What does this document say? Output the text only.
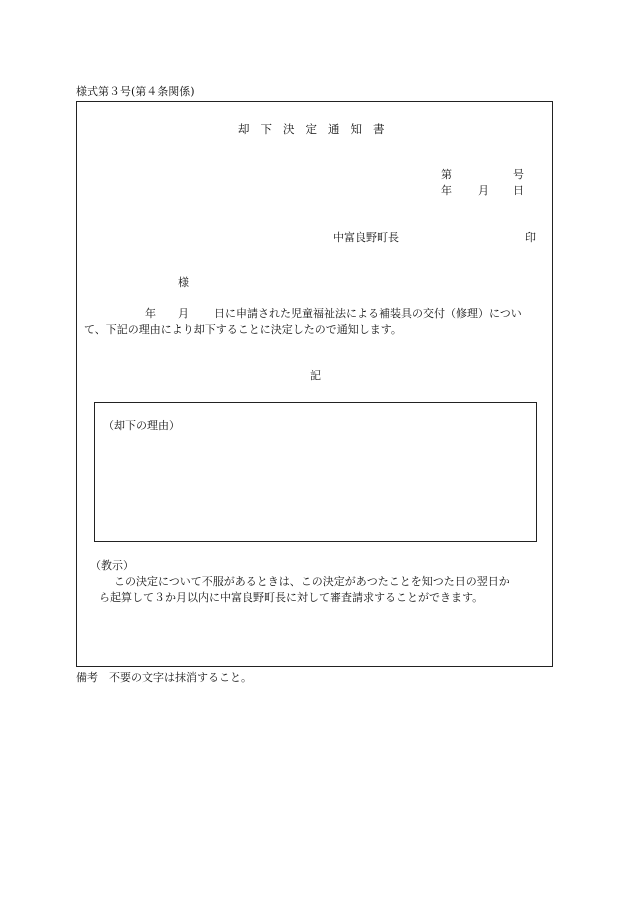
様式第３号(第４条関係)
却下決定通知書
第	号
年 月 日
中富良野町長	印
様
年 月 日に申請された児童福祉法による補装具の交付（修理）につい
て、下記の理由により却下することに決定したので通知します。
記
（却下の理由）
（教示）
この決定について不服があるときは、この決定があつたことを知つた日の翌日か
ら起算して３か月以内に中富良野町長に対して審査請求することができます。
備考　不要の文字は抹消すること。
